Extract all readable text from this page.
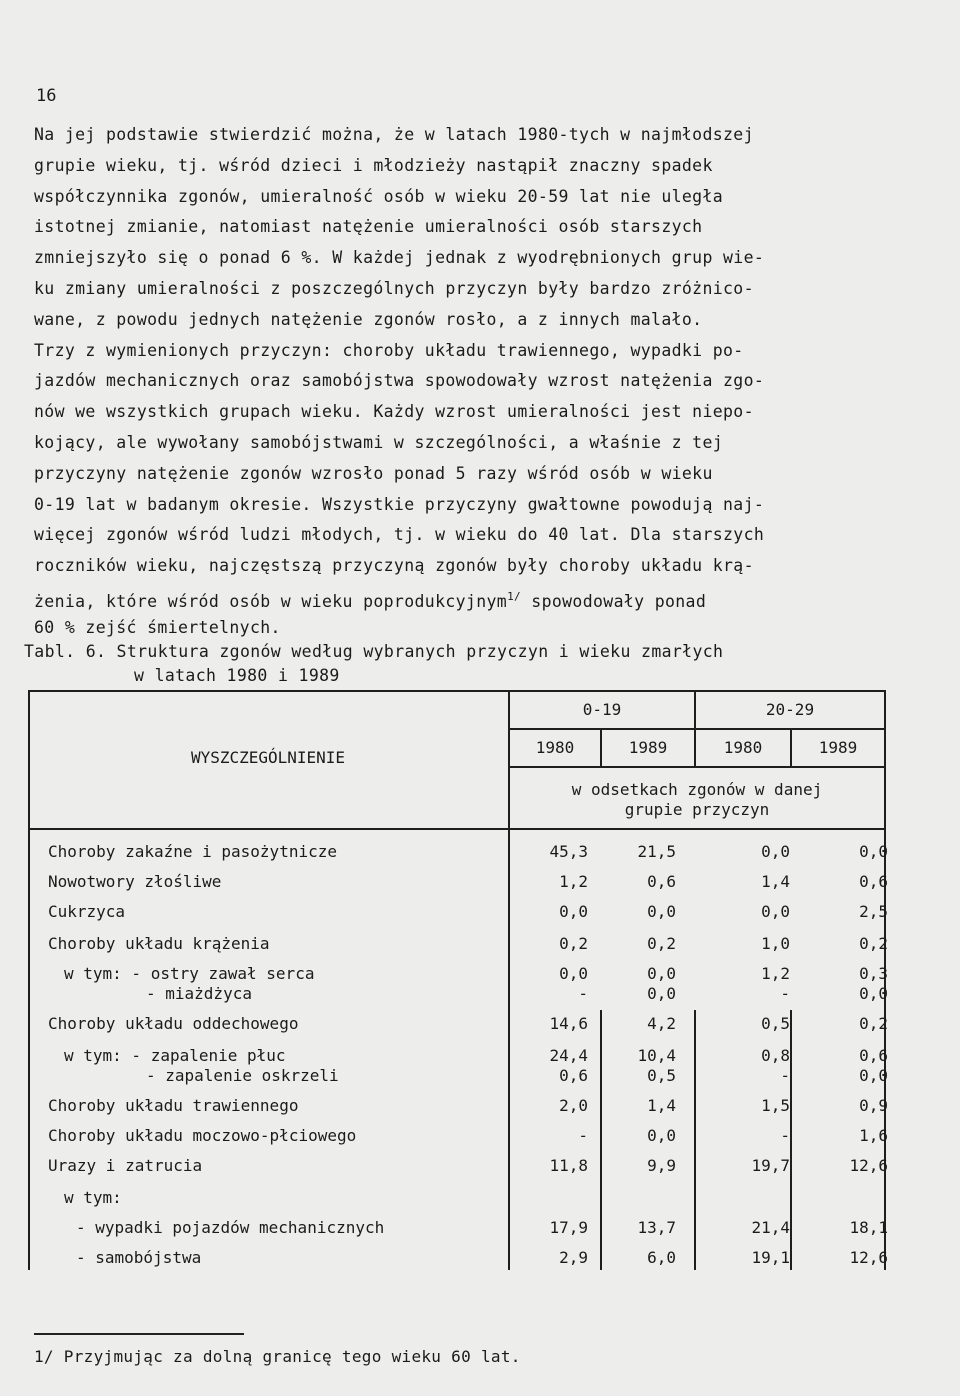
16
Na jej podstawie stwierdzić można, że w latach 1980-tych w najmłodszej
grupie wieku, tj. wśród dzieci i młodzieży nastąpił znaczny spadek
współczynnika zgonów, umieralność osób w wieku 20-59 lat nie uległa
istotnej zmianie, natomiast natężenie umieralności osób starszych
zmniejszyło się o ponad 6 %. W każdej jednak z wyodrębnionych grup wie-
ku zmiany umieralności z poszczególnych przyczyn były bardzo zróżnico-
wane, z powodu jednych natężenie zgonów rosło, a z innych malało.
Trzy z wymienionych przyczyn: choroby układu trawiennego, wypadki po-
jazdów mechanicznych oraz samobójstwa spowodowały wzrost natężenia zgo-
nów we wszystkich grupach wieku. Każdy wzrost umieralności jest niepo-
kojący, ale wywołany samobójstwami w szczególności, a właśnie z tej
przyczyny natężenie zgonów wzrosło ponad 5 razy wśród osób w wieku
0-19 lat w badanym okresie. Wszystkie przyczyny gwałtowne powodują naj-
więcej zgonów wśród ludzi młodych, tj. w wieku do 40 lat. Dla starszych
roczników wieku, najczęstszą przyczyną zgonów były choroby układu krą-
żenia, które wśród osób w wieku poprodukcyjnym$^{1/}$ spowodowały ponad
60 % zejść śmiertelnych.
Tabl. 6. Struktura zgonów według wybranych przyczyn i wieku zmarłych
w latach 1980 i 1989
WYSZCZEGÓLNIENIE
0-19	20-29
1980	1989	1980	1989
w odsetkach zgonów w danej
grupie przyczyn
Choroby zakaźne i pasożytnicze	45,3	21,5	0,0	0,0
Nowotwory złośliwe	1,2	0,6	1,4	0,6
Cukrzyca	0,0	0,0	0,0	2,5
Choroby układu krążenia	0,2	0,2	1,0	0,2
w tym: - ostry zawał serca	0,0	0,0	1,2	0,3
- miażdżyca	-	0,0	-	0,0
Choroby układu oddechowego	14,6	4,2	0,5	0,2
w tym: - zapalenie płuc	24,4	10,4	0,8	0,6
- zapalenie oskrzeli	0,6	0,5	-	0,0
Choroby układu trawiennego	2,0	1,4	1,5	0,9
Choroby układu moczowo-płciowego	-	0,0	-	1,6
Urazy i zatrucia	11,8	9,9	19,7	12,6
w tym:
- wypadki pojazdów mechanicznych	17,9	13,7	21,4	18,1
- samobójstwa	2,9	6,0	19,1	12,6
1/ Przyjmując za dolną granicę tego wieku 60 lat.
